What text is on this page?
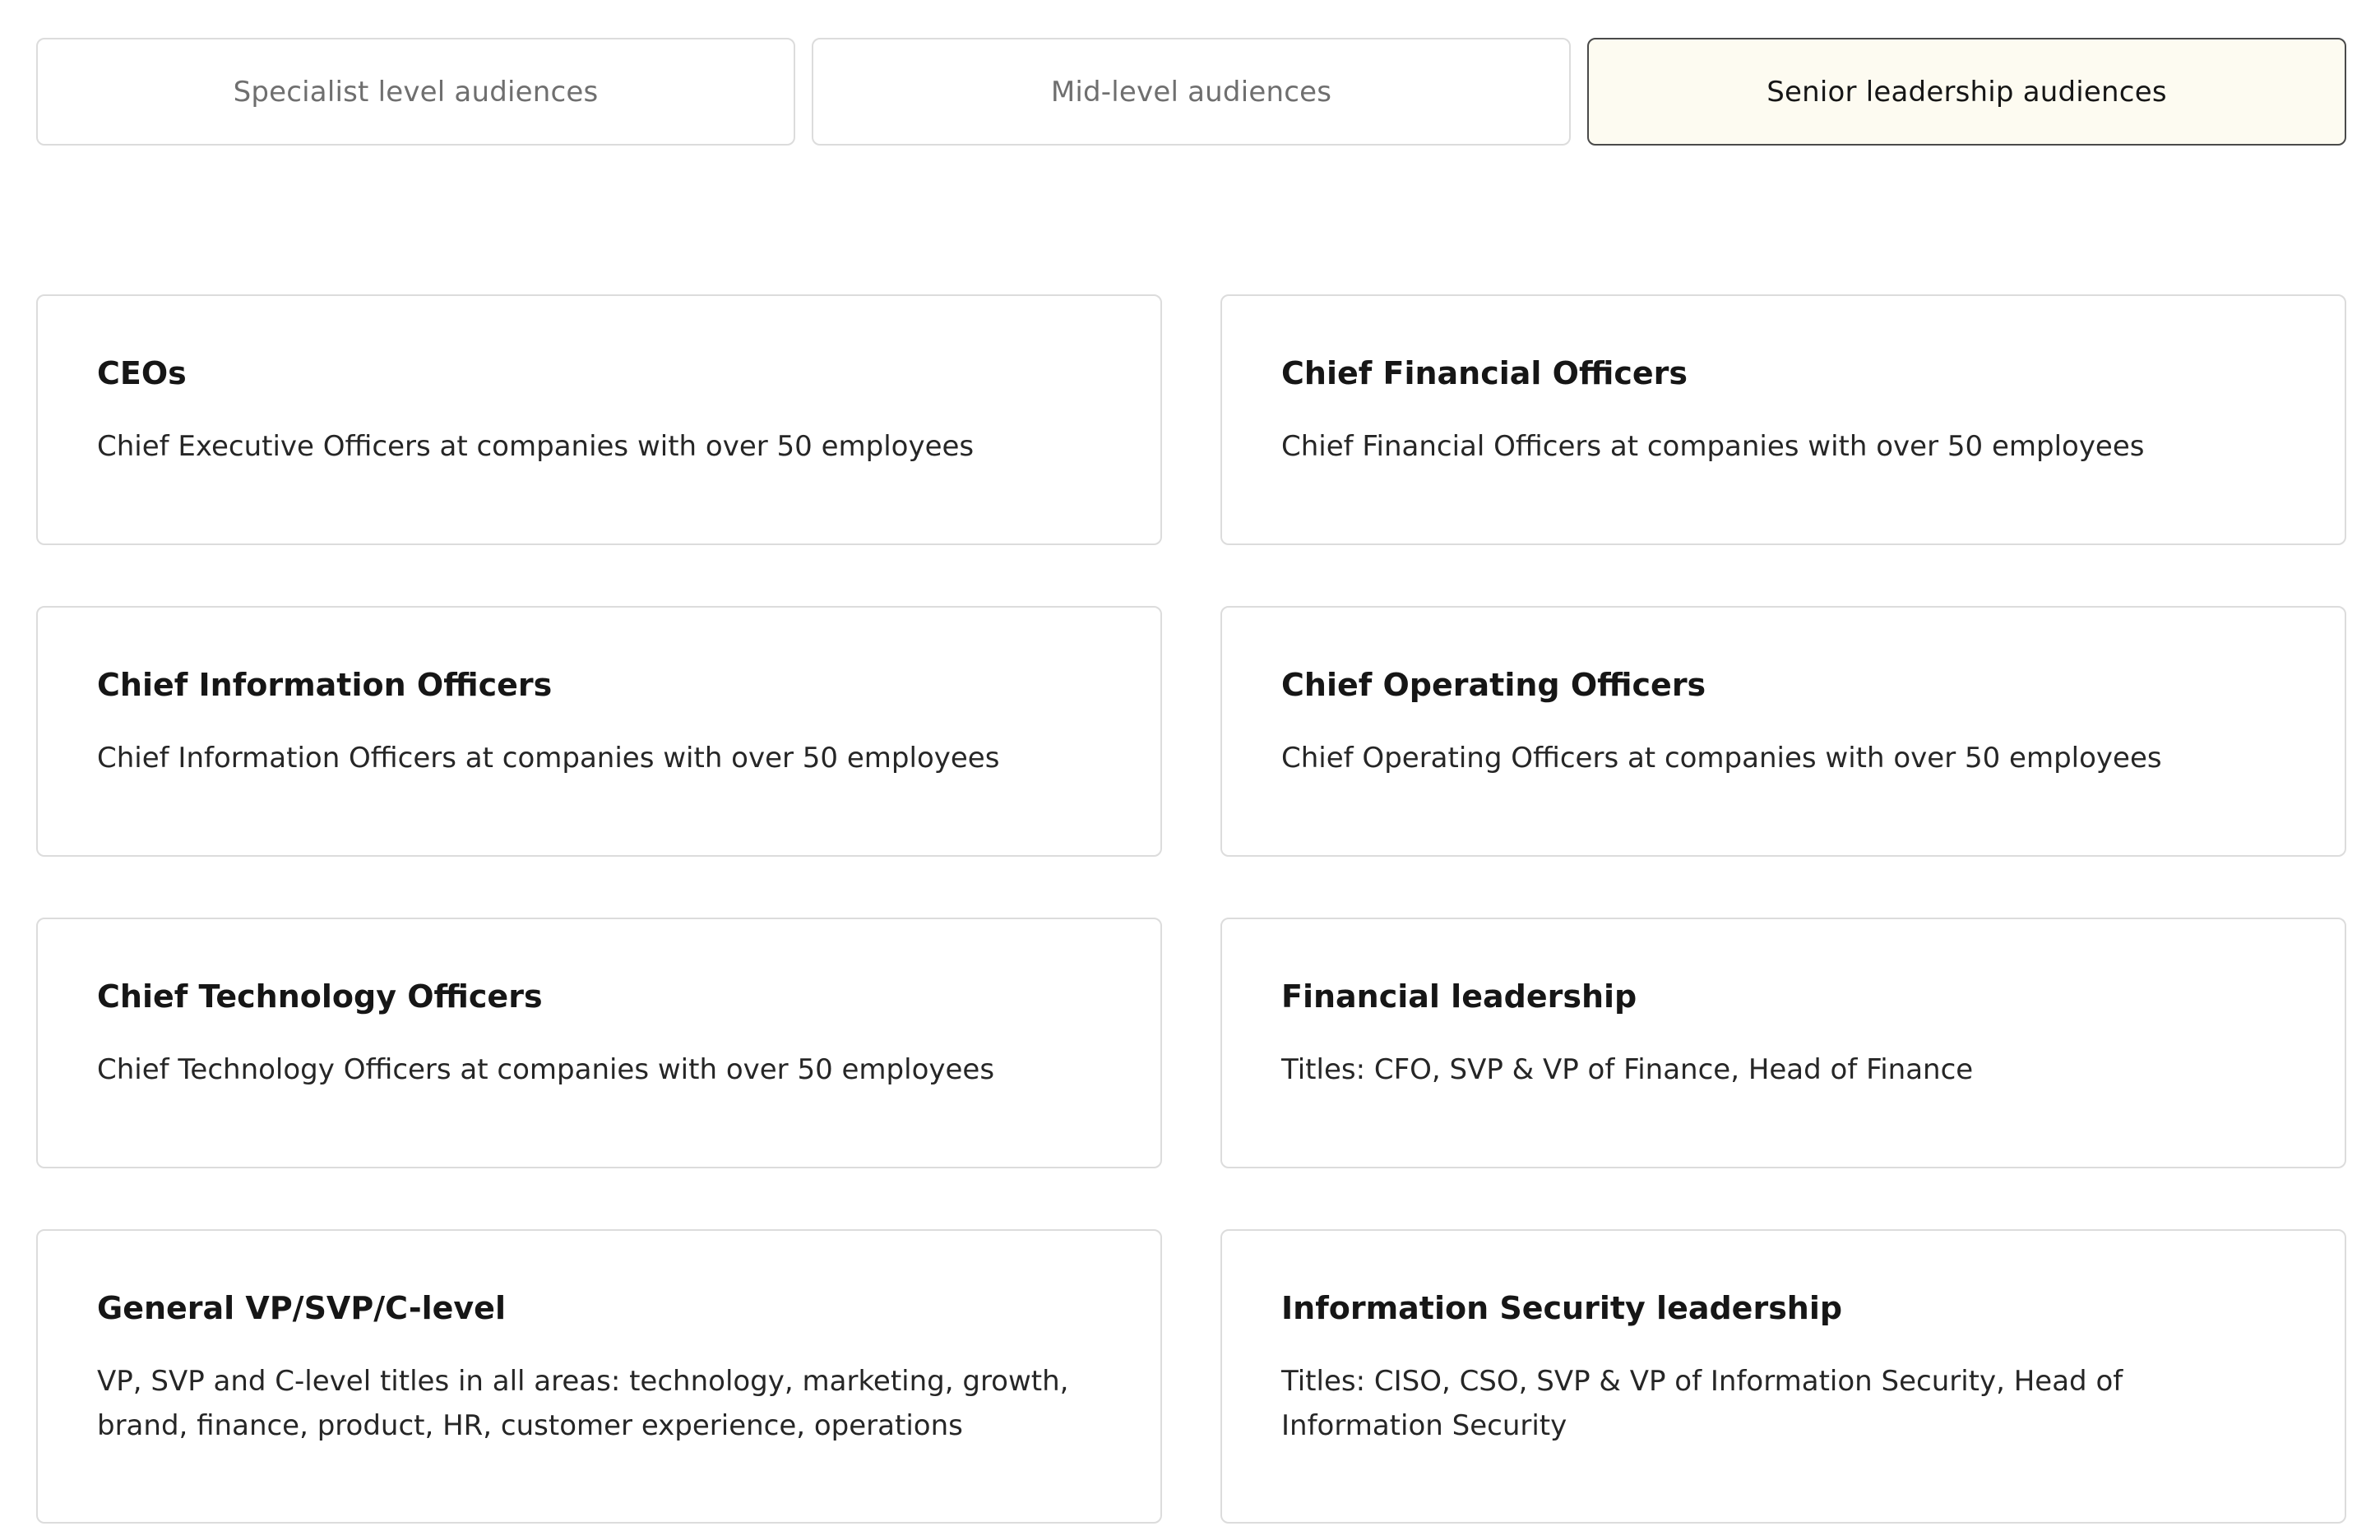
Specialist level audiences	Mid-level audiences	Senior leadership audiences
CEOs

Chief Executive Officers at companies with over 50 employees

Chief Financial Officers

Chief Financial Officers at companies with over 50 employees

Chief Information Officers

Chief Information Officers at companies with over 50 employees

Chief Operating Officers

Chief Operating Officers at companies with over 50 employees

Chief Technology Officers

Chief Technology Officers at companies with over 50 employees

Financial leadership

Titles: CFO, SVP & VP of Finance, Head of Finance

General VP/SVP/C-level

VP, SVP and C-level titles in all areas: technology, marketing, growth, brand, finance, product, HR, customer experience, operations

Information Security leadership

Titles: CISO, CSO, SVP & VP of Information Security, Head of Information Security
